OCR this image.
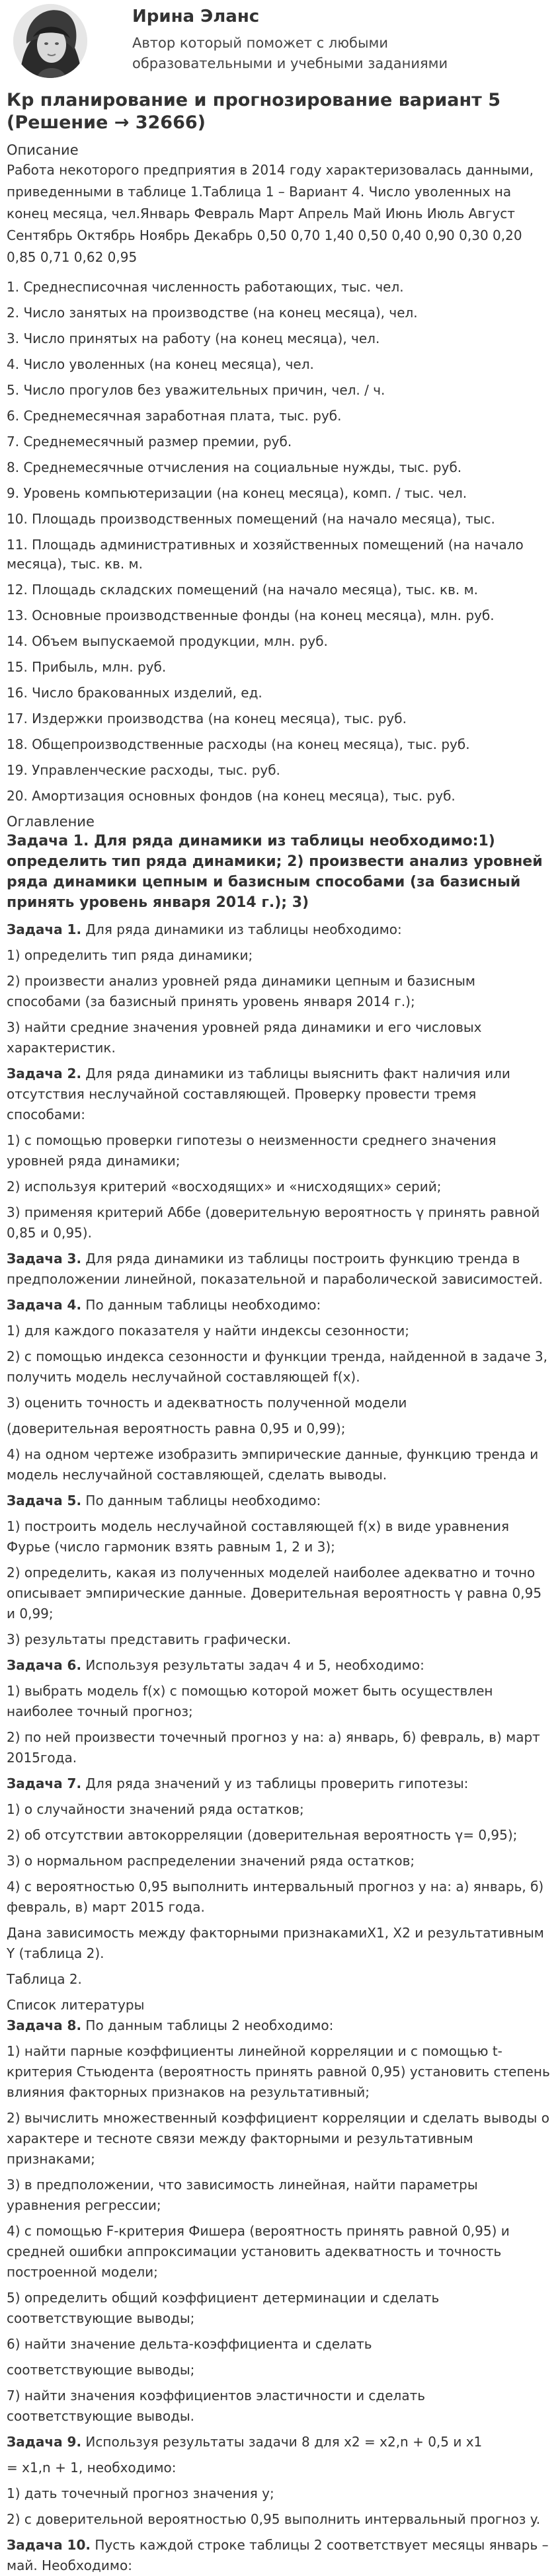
Ирина Эланс
Автор который поможет с любыми образовательными и учебными заданиями
Кр планирование и прогнозирование вариант 5 (Решение → 32666)
Описание

Работа некоторого предприятия в 2014 году характеризовалась данными, приведенными в таблице 1.Таблица 1 – Вариант 4. Число уволенных на конец месяца, чел.Январь Февраль Март Апрель Май Июнь Июль Август Сентябрь Октябрь Ноябрь Декабрь 0,50 0,70 1,40 0,50 0,40 0,90 0,30 0,20 0,85 0,71 0,62 0,95

1. Среднесписочная численность работающих, тыс. чел.

2. Число занятых на производстве (на конец месяца), чел.

3. Число принятых на работу (на конец месяца), чел.

4. Число уволенных (на конец месяца), чел.

5. Число прогулов без уважительных причин, чел. / ч.

6. Среднемесячная заработная плата, тыс. руб.

7. Среднемесячный размер премии, руб.

8. Среднемесячные отчисления на социальные нужды, тыс. руб.

9. Уровень компьютеризации (на конец месяца), комп. / тыс. чел.

10. Площадь производственных помещений (на начало месяца), тыс.

11. Площадь административных и хозяйственных помещений (на начало месяца), тыс. кв. м.

12. Площадь складских помещений (на начало месяца), тыс. кв. м.

13. Основные производственные фонды (на конец месяца), млн. руб.

14. Объем выпускаемой продукции, млн. руб.

15. Прибыль, млн. руб.

16. Число бракованных изделий, ед.

17. Издержки производства (на конец месяца), тыс. руб.

18. Общепроизводственные расходы (на конец месяца), тыс. руб.

19. Управленческие расходы, тыс. руб.

20. Амортизация основных фондов (на конец месяца), тыс. руб.

Оглавление

Задача 1. Для ряда динамики из таблицы необходимо:1) определить тип ряда динамики; 2) произвести анализ уровней ряда динамики цепным и базисным способами (за базисный принять уровень января 2014 г.); 3)

Задача 1. Для ряда динамики из таблицы необходимо:

1) определить тип ряда динамики;

2) произвести анализ уровней ряда динамики цепным и базисным способами (за базисный принять уровень января 2014 г.);

3) найти средние значения уровней ряда динамики и его числовых характеристик.

Задача 2. Для ряда динамики из таблицы выяснить факт наличия или отсутствия неслучайной составляющей. Проверку провести тремя способами:

1) с помощью проверки гипотезы о неизменности среднего значения уровней ряда динамики;

2) используя критерий «восходящих» и «нисходящих» серий;

3) применяя критерий Аббе (доверительную вероятность γ принять равной 0,85 и 0,95).

Задача 3. Для ряда динамики из таблицы построить функцию тренда в предположении линейной, показательной и параболической зависимостей.

Задача 4. По данным таблицы необходимо:

1) для каждого показателя y найти индексы сезонности;

2) с помощью индекса сезонности и функции тренда, найденной в задаче 3, получить модель неслучайной составляющей f(x).

3) оценить точность и адекватность полученной модели

(доверительная вероятность равна 0,95 и 0,99);

4) на одном чертеже изобразить эмпирические данные, функцию тренда и модель неслучайной составляющей, сделать выводы.

Задача 5. По данным таблицы необходимо:

1) построить модель неслучайной составляющей f(x) в виде уравнения Фурье (число гармоник взять равным 1, 2 и 3);

2) определить, какая из полученных моделей наиболее адекватно и точно описывает эмпирические данные. Доверительная вероятность γ равна 0,95 и 0,99;

3) результаты представить графически.

Задача 6. Используя результаты задач 4 и 5, необходимо:

1) выбрать модель f(x) с помощью которой может быть осуществлен наиболее точный прогноз;

2) по ней произвести точечный прогноз y на: а) январь, б) февраль, в) март 2015года.

Задача 7. Для ряда значений y из таблицы проверить гипотезы:

1) о случайности значений ряда остатков;

2) об отсутствии автокорреляции (доверительная вероятность γ= 0,95);

3) о нормальном распределении значений ряда остатков;

4) с вероятностью 0,95 выполнить интервальный прогноз y на: а) январь, б) февраль, в) март 2015 года.

Дана зависимость между факторными признакамиX1, X2 и результативным Y (таблица 2).

Таблица 2.

Список литературы

Задача 8. По данным таблицы 2 необходимо:

1) найти парные коэффициенты линейной корреляции и с помощью t-критерия Стьюдента (вероятность принять равной 0,95) установить степень влияния факторных признаков на результативный;

2) вычислить множественный коэффициент корреляции и сделать выводы о характере и тесноте связи между факторными и результативным признаками;

3) в предположении, что зависимость линейная, найти параметры уравнения регрессии;

4) с помощью F-критерия Фишера (вероятность принять равной 0,95) и средней ошибки аппроксимации установить адекватность и точность построенной модели;

5) определить общий коэффициент детерминации и сделать соответствующие выводы;

6) найти значение дельта-коэффициента и сделать

соответствующие выводы;

7) найти значения коэффициентов эластичности и сделать соответствующие выводы.

Задача 9. Используя результаты задачи 8 для x2 = x2,n + 0,5 и x1

= x1,n + 1, необходимо:

1) дать точечный прогноз значения y;

2) с доверительной вероятностью 0,95 выполнить интервальный прогноз y.

Задача 10. Пусть каждой строке таблицы 2 соответствует месяцы январь – май. Необходимо:
